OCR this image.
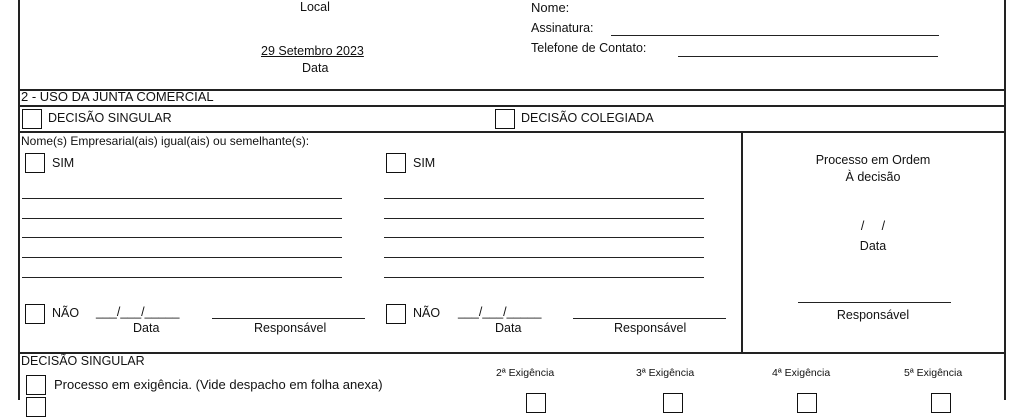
Local
29 Setembro 2023
Data
Nome:
Assinatura:
Telefone de Contato:
2 - USO DA JUNTA COMERCIAL
DECISÃO SINGULAR	DECISÃO COLEGIADA
Nome(s) Empresarial(ais) igual(ais) ou semelhante(s):
SIM	SIM
NÃO ___/___/_____
Data	Responsável
NÃO ___/___/_____
Data	Responsável
Processo em Ordem
À decisão
/     /
Data
Responsável
DECISÃO SINGULAR
Processo em exigência. (Vide despacho em folha anexa)
2ª Exigência	3ª Exigência	4ª Exigência	5ª Exigência
